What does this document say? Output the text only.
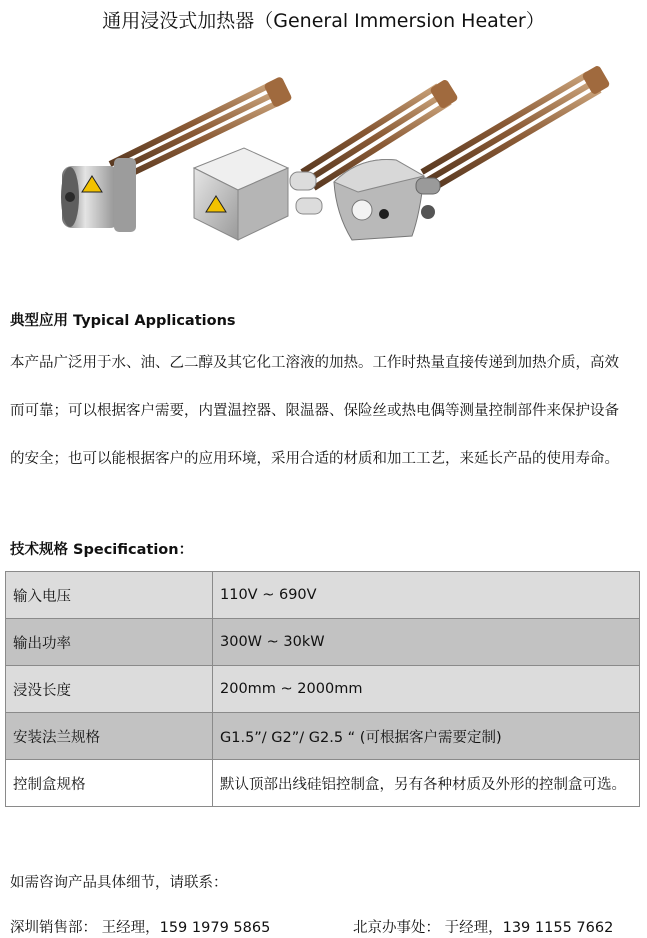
通用浸没式加热器（General Immersion Heater）
典型应用 Typical Applications
本产品广泛用于水、油、乙二醇及其它化工溶液的加热。工作时热量直接传递到加热介质，高效
而可靠；可以根据客户需要，内置温控器、限温器、保险丝或热电偶等测量控制部件来保护设备
的安全；也可以能根据客户的应用环境，采用合适的材质和加工工艺，来延长产品的使用寿命。
技术规格 Specification：
输入电压	110V ~ 690V
输出功率	300W ~ 30kW
浸没长度	200mm ~ 2000mm
安装法兰规格	G1.5”/ G2”/ G2.5 “ (可根据客户需要定制)
控制盒规格	默认顶部出线硅铝控制盒，另有各种材质及外形的控制盒可选。
如需咨询产品具体细节，请联系：
深圳销售部： 王经理，159 1979 5865	北京办事处： 于经理，139 1155 7662
